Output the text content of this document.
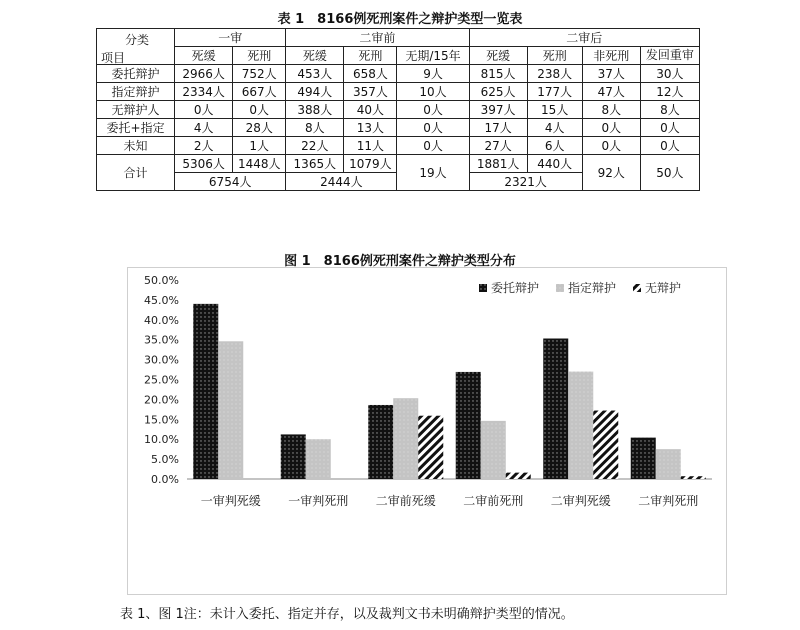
表 1　8166例死刑案件之辩护类型一览表
分类
项目	一审		二审前			二审后			
	死缓	死刑	死缓	死刑	无期/15年	死缓	死刑	非死刑	发回重审
委托辩护	2966人	752人	453人	658人	9人	815人	238人	37人	30人
指定辩护	2334人	667人	494人	357人	10人	625人	177人	47人	12人
无辩护人	0人	0人	388人	40人	0人	397人	15人	8人	8人
委托+指定	4人	28人	8人	13人	0人	17人	4人	0人	0人
未知	2人	1人	22人	11人	0人	27人	6人	0人	0人
合计	5306人	1448人	1365人	1079人	19人	1881人	440人	92人	50人
	6754人		2444人			2321人			
图 1　8166例死刑案件之辩护类型分布
0.0%
5.0%
10.0%
15.0%
20.0%
25.0%
30.0%
35.0%
40.0%
45.0%
50.0%
一审判死缓 一审判死刑 二审前死缓 二审前死刑 二审判死缓 二审判死刑
委托辩护 指定辩护 无辩护
表 1、图 1注：未计入委托、指定并存，以及裁判文书未明确辩护类型的情况。
